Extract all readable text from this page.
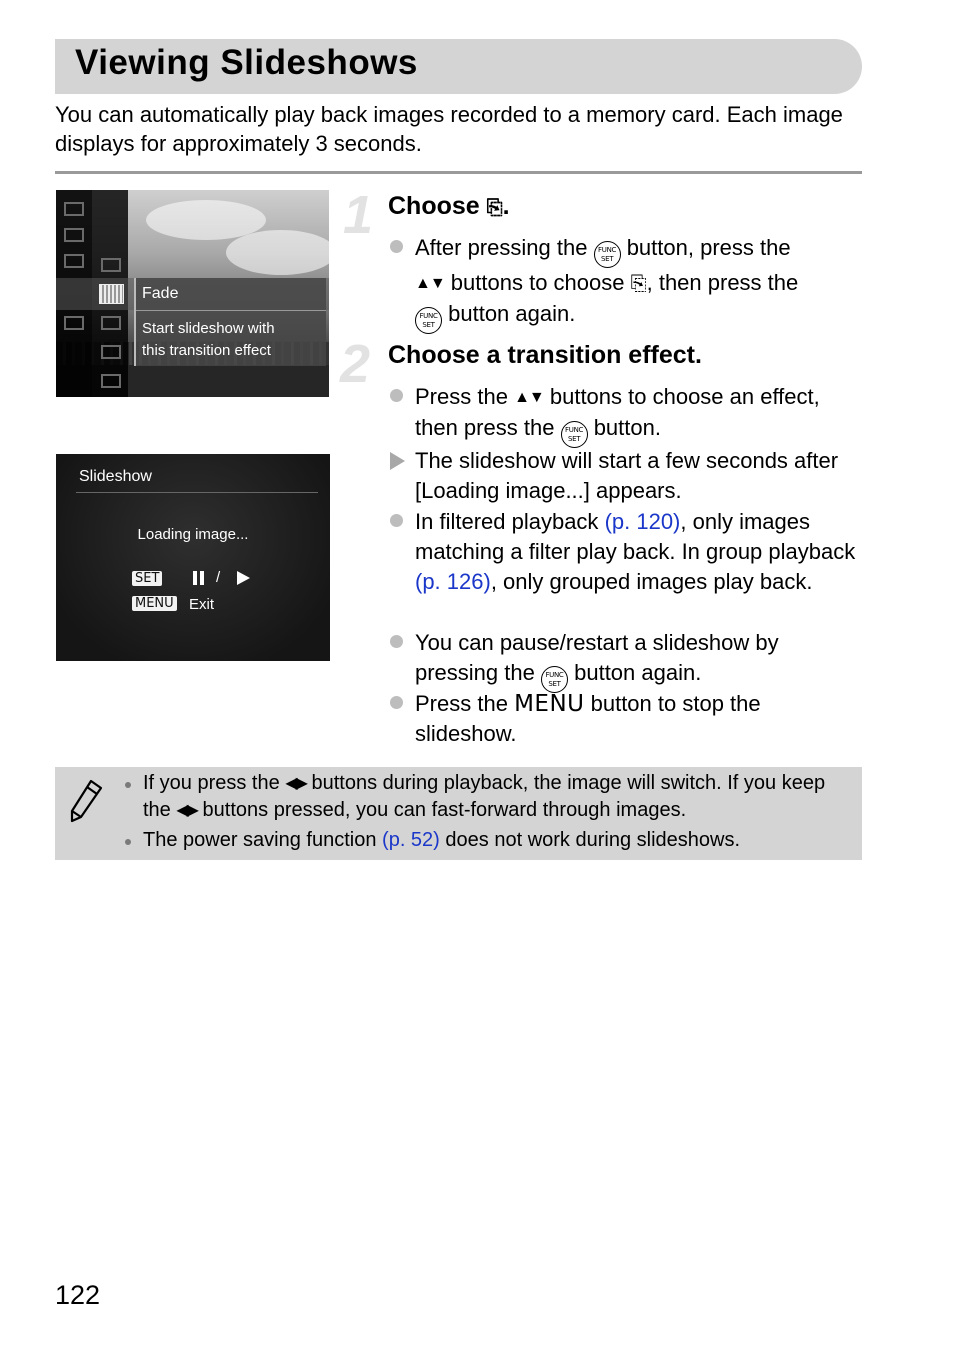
Viewing Slideshows
You can automatically play back images recorded to a memory card. Each image displays for approximately 3 seconds.
Fade
Start slideshow with
this transition effect
Slideshow
Loading image...
SET	/
MENU Exit
1 Choose ⎘.
After pressing the FUNC
SET button, press the
▲▼ buttons to choose ⎘, then press the
FUNC
SET button again.
2 Choose a transition effect.
Press the ▲▼ buttons to choose an effect, then press the FUNC
SET button.
The slideshow will start a few seconds after [Loading image...] appears.
In filtered playback (p. 120), only images matching a filter play back. In group playback (p. 126), only grouped images play back.
You can pause/restart a slideshow by pressing the FUNC
SET button again.
Press the MENU button to stop the slideshow.
If you press the ◀▶ buttons during playback, the image will switch. If you keep the ◀▶ buttons pressed, you can fast-forward through images.
The power saving function (p. 52) does not work during slideshows.
122
